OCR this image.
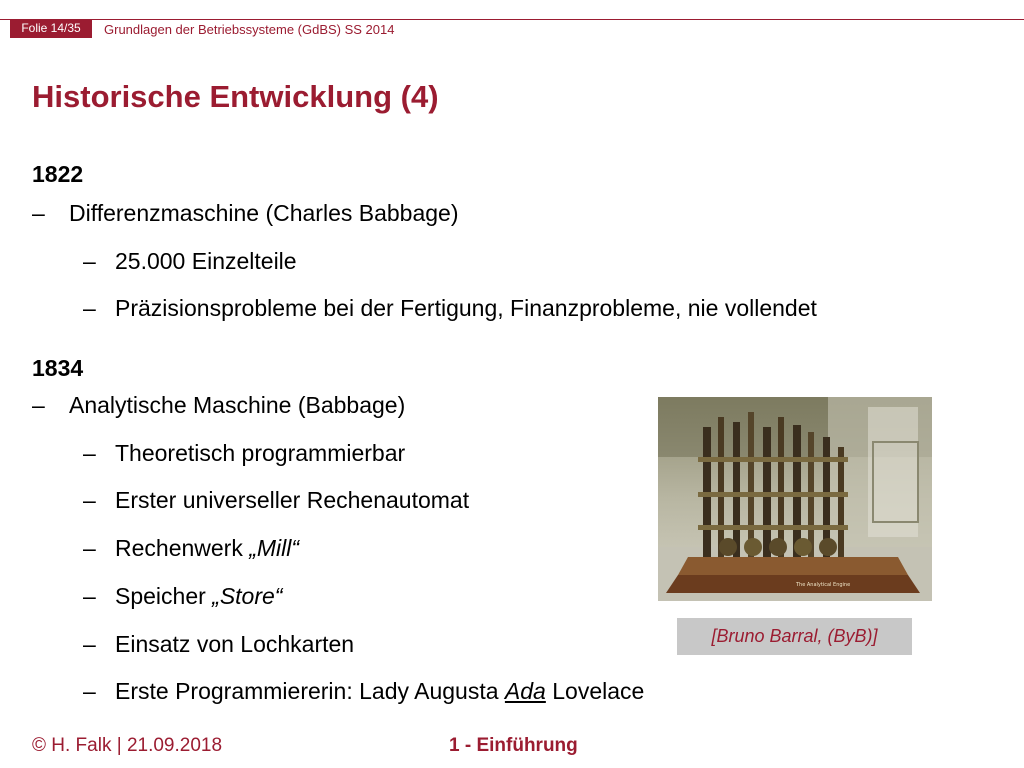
Folie 14/35	Grundlagen der Betriebssysteme (GdBS) SS 2014
Historische Entwicklung (4)
1822
– Differenzmaschine (Charles Babbage)
– 25.000 Einzelteile
– Präzisionsprobleme bei der Fertigung, Finanzprobleme, nie vollendet
1834
– Analytische Maschine (Babbage)
– Theoretisch programmierbar
– Erster universeller Rechenautomat
– Rechenwerk „Mill“
– Speicher „Store“
– Einsatz von Lochkarten
– Erste Programmiererin: Lady Augusta Ada Lovelace
The Analytical Engine
[Bruno Barral, (ByB)]
© H. Falk | 21.09.2018	1 - Einführung
